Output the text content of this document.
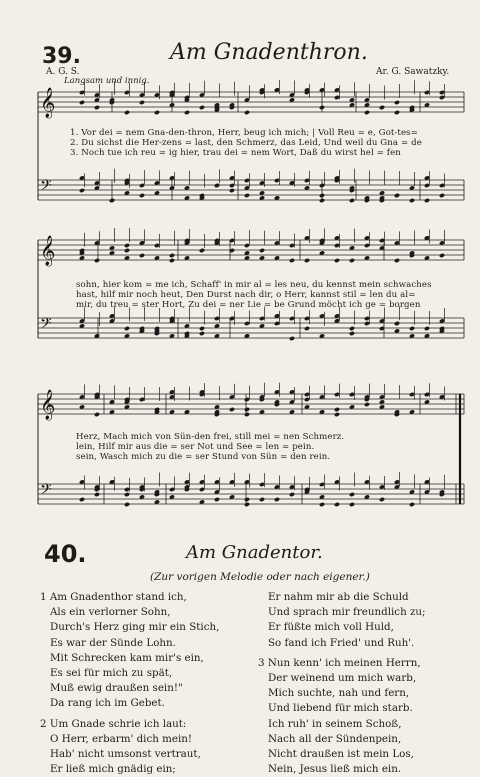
39.	Am Gnadenthron.
A. G. S.
Langsam und innig.
Ar. G. Sawatzky.
𝄞
𝄢
𝄞
𝄢
𝄞
𝄢
1. Vor dei = nem Gna-den-thron, Herr, beug ich mich; | Voll Reu = e, Got-tes=
2. Du sichst die Her-zens = last, den Schmerz, das Leid, Und weil du Gna = de
3. Noch tue ich reu = ig hier, trau dei = nem Wort, Daß du wirst hel = fen
sohn, hier kom = me ich, Schaff' in mir al = les neu, du kennst mein schwaches
hast, hilf mir noch heut, Den Durst nach dir, o Herr, kannst stil = len du al=
mir, du treu = ster Hort, Zu dei = ner Lie = be Grund möcht ich ge = borgen
Herz, Mach mich von Sün-den frei, still mei = nen Schmerz.
lein, Hilf mir aus die = ser Not und See = len = pein.
sein, Wasch mich zu die = ser Stund von Sün = den rein.
40.	Am Gnadentor.
(Zur vorigen Melodie oder nach eigener.)
1 Am Gnadenthor stand ich,
Als ein verlorner Sohn,
Durch's Herz ging mir ein Stich,
Es war der Sünde Lohn.
Mit Schrecken kam mir's ein,
Es sei für mich zu spät,
Muß ewig draußen sein!"
Da rang ich im Gebet.
2 Um Gnade schrie ich laut:
O Herr, erbarm' dich mein!
Hab' nicht umsonst vertraut,
Er ließ mich gnädig ein;
Er nahm mir ab die Schuld
Und sprach mir freundlich zu;
Er füßte mich voll Huld,
So fand ich Fried' und Ruh'.
3 Nun kenn' ich meinen Herrn,
Der weinend um mich warb,
Mich suchte, nah und fern,
Und liebend für mich starb.
Ich ruh' in seinem Schoß,
Nach all der Sündenpein,
Nicht draußen ist mein Los,
Nein, Jesus ließ mich ein.
